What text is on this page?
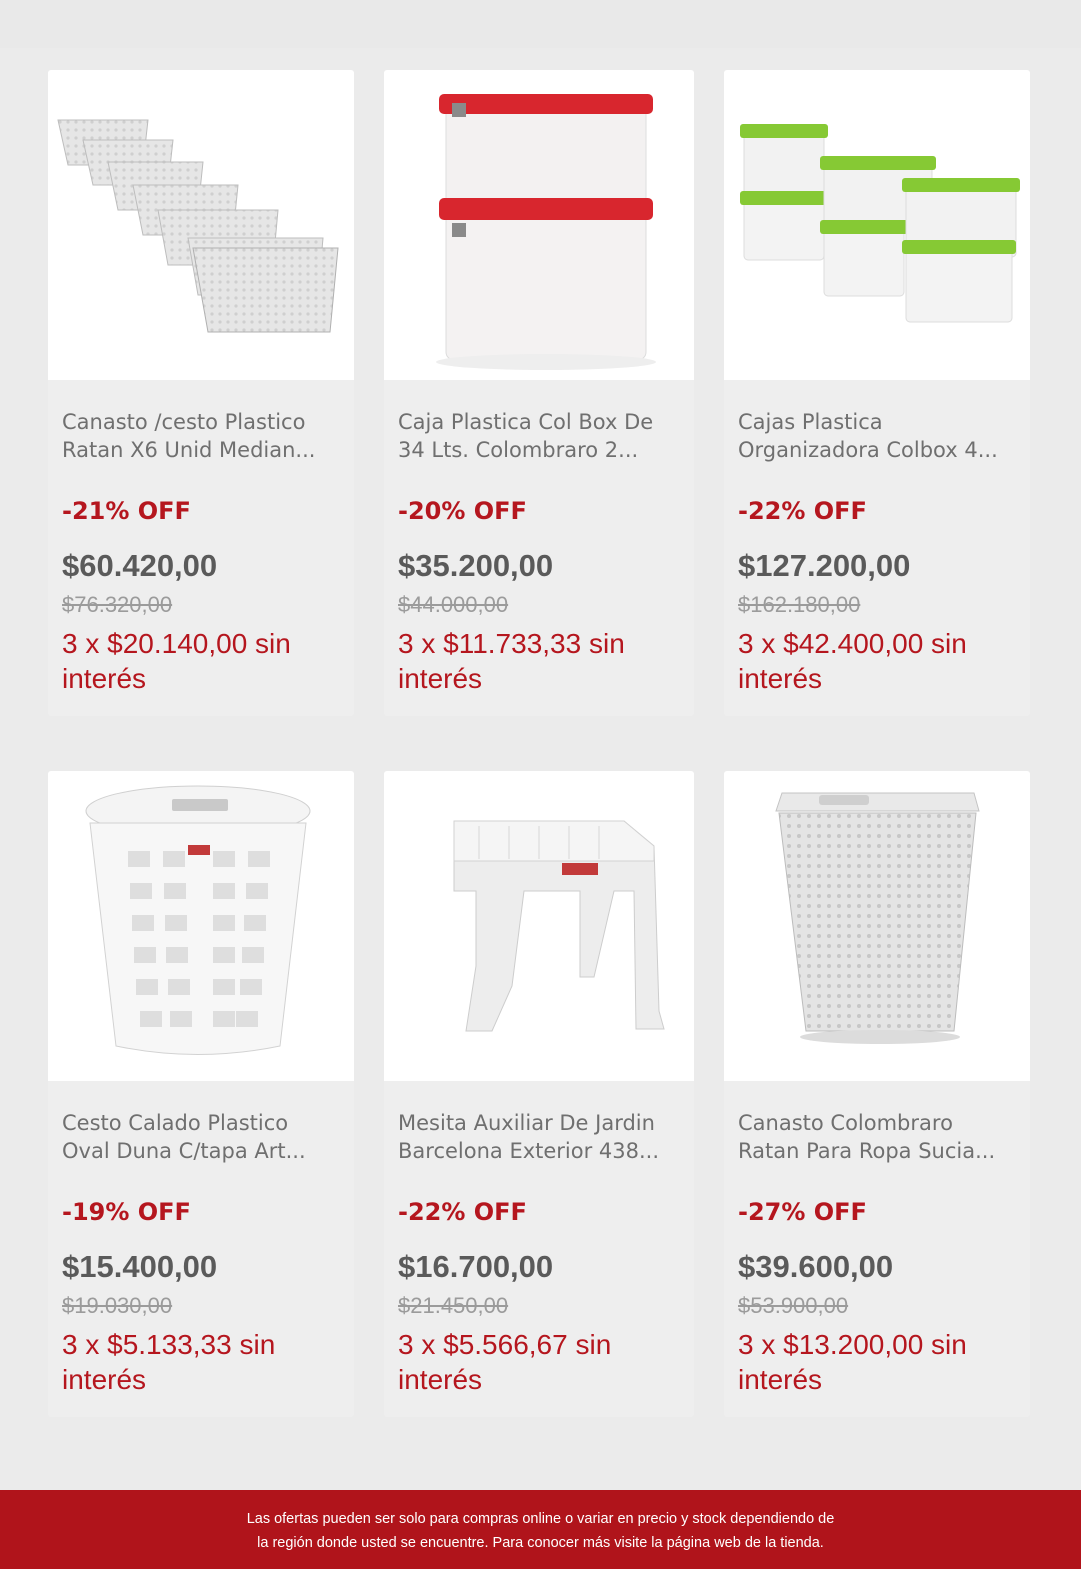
Canasto /cesto Plastico Ratan X6 Unid Median...
-21% OFF
$60.420,00
$76.320,00
3 x $20.140,00 sin
interés
Caja Plastica Col Box De 34 Lts. Colombraro 2...
-20% OFF
$35.200,00
$44.000,00
3 x $11.733,33 sin
interés
Cajas Plastica Organizadora Colbox 4...
-22% OFF
$127.200,00
$162.180,00
3 x $42.400,00 sin
interés
Cesto Calado Plastico Oval Duna C/tapa Art...
-19% OFF
$15.400,00
$19.030,00
3 x $5.133,33 sin
interés
Mesita Auxiliar De Jardin Barcelona Exterior 438...
-22% OFF
$16.700,00
$21.450,00
3 x $5.566,67 sin
interés
Canasto Colombraro Ratan Para Ropa Sucia...
-27% OFF
$39.600,00
$53.900,00
3 x $13.200,00 sin
interés
Las ofertas pueden ser solo para compras online o variar en precio y stock dependiendo de
la región donde usted se encuentre. Para conocer más visite la página web de la tienda.
